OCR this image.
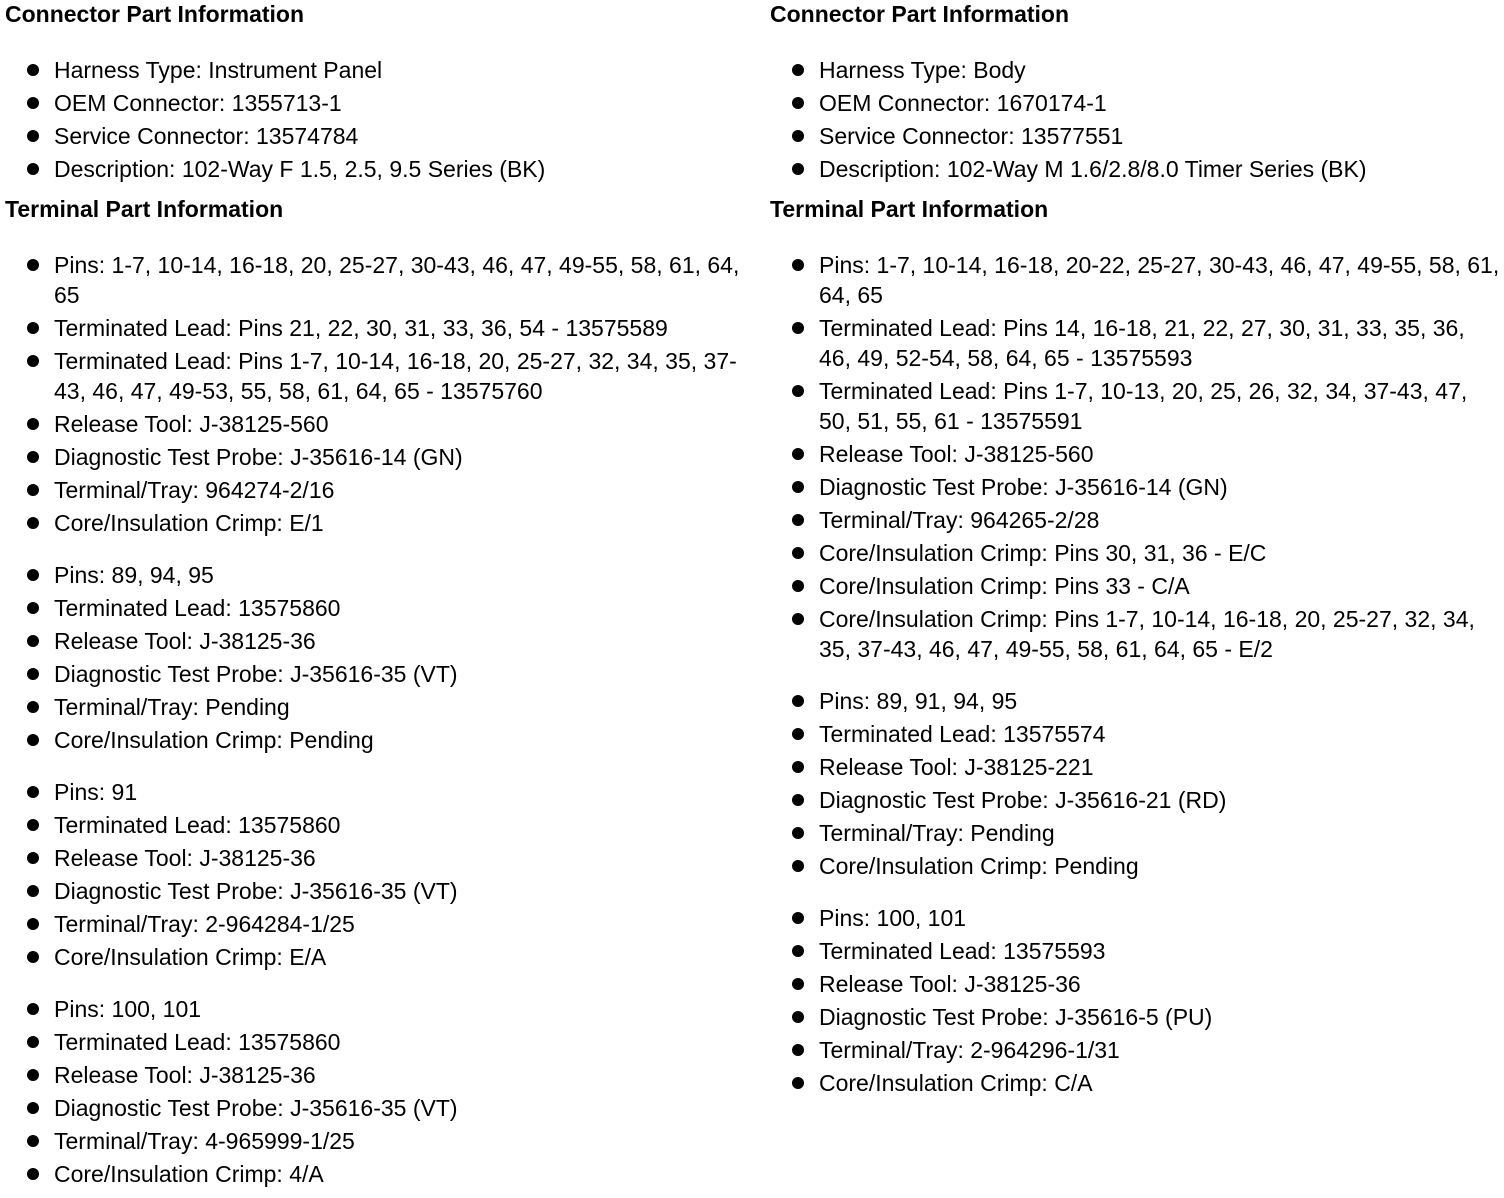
Connector Part Information
Harness Type: Instrument Panel
OEM Connector: 1355713-1
Service Connector: 13574784
Description: 102-Way F 1.5, 2.5, 9.5 Series (BK)
Terminal Part Information
Pins: 1-7, 10-14, 16-18, 20, 25-27, 30-43, 46, 47, 49-55, 58, 61, 64, 65
Terminated Lead: Pins 21, 22, 30, 31, 33, 36, 54 - 13575589
Terminated Lead: Pins 1-7, 10-14, 16-18, 20, 25-27, 32, 34, 35, 37-43, 46, 47, 49-53, 55, 58, 61, 64, 65 - 13575760
Release Tool: J-38125-560
Diagnostic Test Probe: J-35616-14 (GN)
Terminal/Tray: 964274-2/16
Core/Insulation Crimp: E/1
Pins: 89, 94, 95
Terminated Lead: 13575860
Release Tool: J-38125-36
Diagnostic Test Probe: J-35616-35 (VT)
Terminal/Tray: Pending
Core/Insulation Crimp: Pending
Pins: 91
Terminated Lead: 13575860
Release Tool: J-38125-36
Diagnostic Test Probe: J-35616-35 (VT)
Terminal/Tray: 2-964284-1/25
Core/Insulation Crimp: E/A
Pins: 100, 101
Terminated Lead: 13575860
Release Tool: J-38125-36
Diagnostic Test Probe: J-35616-35 (VT)
Terminal/Tray: 4-965999-1/25
Core/Insulation Crimp: 4/A
Connector Part Information
Harness Type: Body
OEM Connector: 1670174-1
Service Connector: 13577551
Description: 102-Way M 1.6/2.8/8.0 Timer Series (BK)
Terminal Part Information
Pins: 1-7, 10-14, 16-18, 20-22, 25-27, 30-43, 46, 47, 49-55, 58, 61, 64, 65
Terminated Lead: Pins 14, 16-18, 21, 22, 27, 30, 31, 33, 35, 36, 46, 49, 52-54, 58, 64, 65 - 13575593
Terminated Lead: Pins 1-7, 10-13, 20, 25, 26, 32, 34, 37-43, 47, 50, 51, 55, 61 - 13575591
Release Tool: J-38125-560
Diagnostic Test Probe: J-35616-14 (GN)
Terminal/Tray: 964265-2/28
Core/Insulation Crimp: Pins 30, 31, 36 - E/C
Core/Insulation Crimp: Pins 33 - C/A
Core/Insulation Crimp: Pins 1-7, 10-14, 16-18, 20, 25-27, 32, 34, 35, 37-43, 46, 47, 49-55, 58, 61, 64, 65 - E/2
Pins: 89, 91, 94, 95
Terminated Lead: 13575574
Release Tool: J-38125-221
Diagnostic Test Probe: J-35616-21 (RD)
Terminal/Tray: Pending
Core/Insulation Crimp: Pending
Pins: 100, 101
Terminated Lead: 13575593
Release Tool: J-38125-36
Diagnostic Test Probe: J-35616-5 (PU)
Terminal/Tray: 2-964296-1/31
Core/Insulation Crimp: C/A
